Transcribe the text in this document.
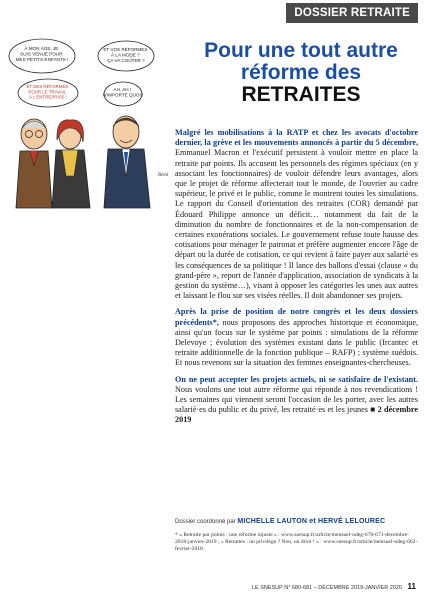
DOSSIER RETRAITE
À MON ÂGE, JE SUIS VENUE POUR MES PETITS-ENFANTS !
ET VOS RÉFORMES À LA MODE ? ÇA VA COÛTER ?
ET DES RÉFORMES POUR LE TRAVAIL À L'ENTREPRISE !
AH, AH ! N'IMPORTE QUOI !
Rémi
Pour une tout autre
réforme des RETRAITES

Malgré les mobilisations à la RATP et chez les avocats d'octobre dernier, la grève et les mouvements annoncés à partir du 5 décembre, Emmanuel Macron et l'exécutif persistent à vouloir mettre en place la retraite par points. Ils accusent les personnels des régimes spéciaux (en y associant les fonctionnaires) de vouloir défendre leurs avantages, alors que le projet de réforme affecterait tout le monde, de l'ouvrier au cadre supérieur, le privé et le public, comme le montrent toutes les simulations. Le rapport du Conseil d'orientation des retraites (COR) demandé par Édouard Philippe annonce un déficit… notamment du fait de la diminution du nombre de fonctionnaires et de la non-compensation de certaines exonérations sociales. Le gouvernement refuse toute hausse des cotisations pour ménager le patronat et préfère augmenter encore l'âge de départ ou la durée de cotisation, ce qui revient à faire payer aux salarié·es les conséquences de sa politique ! Il lance des ballons d'essai (clause « du grand-père », report de l'année d'application, association de syndicats à la gestion du système…), visant à opposer les catégories les unes aux autres et laissant le flou sur ses visées réelles. Il doit abandonner ses projets.

Après la prise de position de notre congrès et les deux dossiers précédents*, nous proposons des approches historique et économique, ainsi qu'un focus sur le système par points : simulations de la réforme Delevoye ; évolution des systèmes existant dans le public (Ircantec et retraite additionnelle de la fonction publique – RAFP) ; système suédois. Et nous revenons sur la situation des femmes enseignantes-chercheuses.

On ne peut accepter les projets actuels, ni se satisfaire de l'existant. Nous voulons une tout autre réforme qui réponde à nos revendications ! Les semaines qui viennent seront l'occasion de les porter, avec les autres salarié·es du public et du privé, les retraité·es et les jeunes ■ 2 décembre 2019

Dossier coordonné par MICHELLE LAUTON et HERVÉ LELOUREC

* « Retraite par points : une réforme injuste » : www.snesup.fr/article/mensuel-ndeg-670-671-decembre-2018-janvier-2019 ; « Retraites : un privilège ? Non, un droit ! » : www.snesup.fr/article/mensuel-ndeg-662-fevrier-2018.

LE SNESUP N° 680-681 – DÉCEMBRE 2019-JANVIER 2020 11
